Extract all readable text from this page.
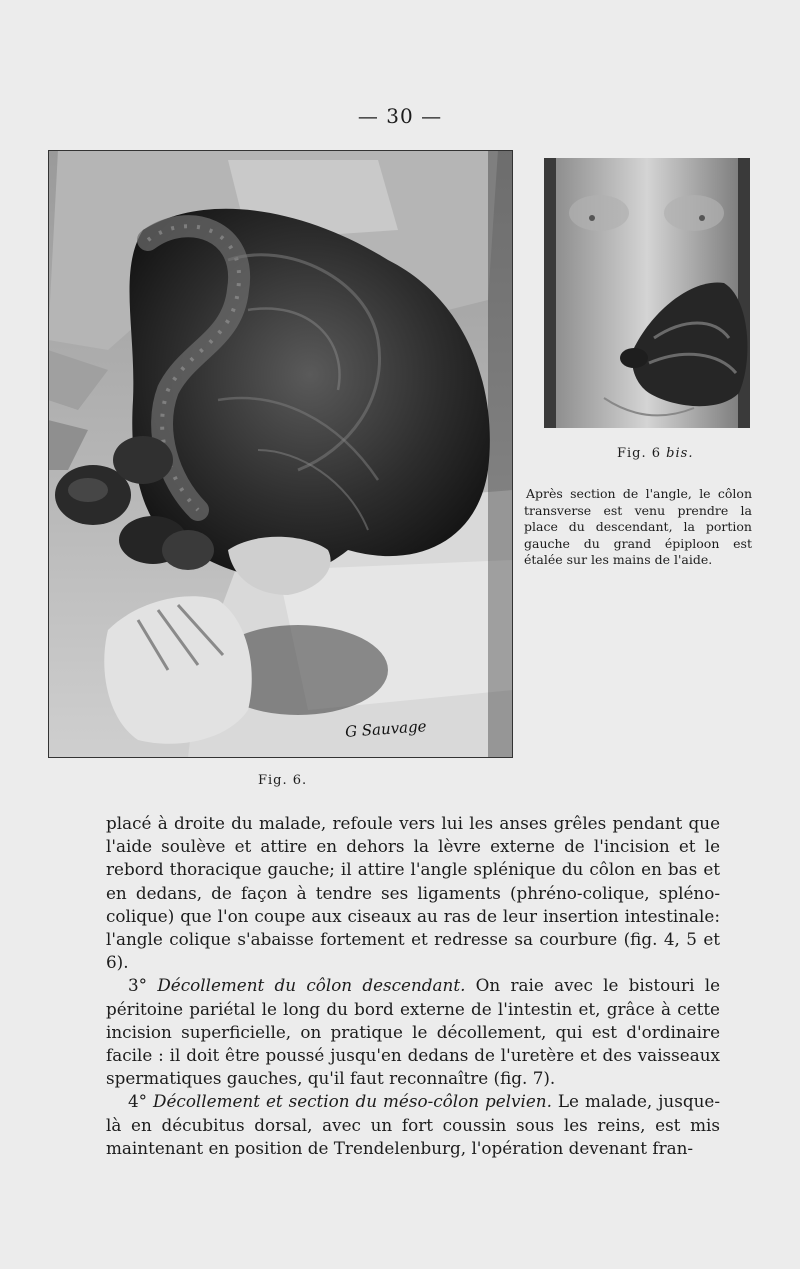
— 30 —
G Sauvage
Fig. 6.
Fig. 6 bis.
Après section de l'angle, le côlon transverse est venu prendre la place du descendant, la portion gauche du grand épiploon est étalée sur les mains de l'aide.

placé à droite du malade, refoule vers lui les anses grêles pendant que l'aide soulève et attire en dehors la lèvre externe de l'incision et le rebord thoracique gauche; il attire l'angle splénique du côlon en bas et en dedans, de façon à tendre ses ligaments (phréno-colique, spléno-colique) que l'on coupe aux ciseaux au ras de leur insertion intestinale: l'angle colique s'abaisse fortement et redresse sa courbure (fig. 4, 5 et 6).

3° Décollement du côlon descendant. On raie avec le bistouri le péritoine pariétal le long du bord externe de l'intestin et, grâce à cette incision superficielle, on pratique le décollement, qui est d'ordinaire facile : il doit être poussé jusqu'en dedans de l'uretère et des vaisseaux spermatiques gauches, qu'il faut reconnaître (fig. 7).

4° Décollement et section du méso-côlon pelvien. Le malade, jusque-là en décubitus dorsal, avec un fort coussin sous les reins, est mis maintenant en position de Trendelenburg, l'opération devenant fran-
